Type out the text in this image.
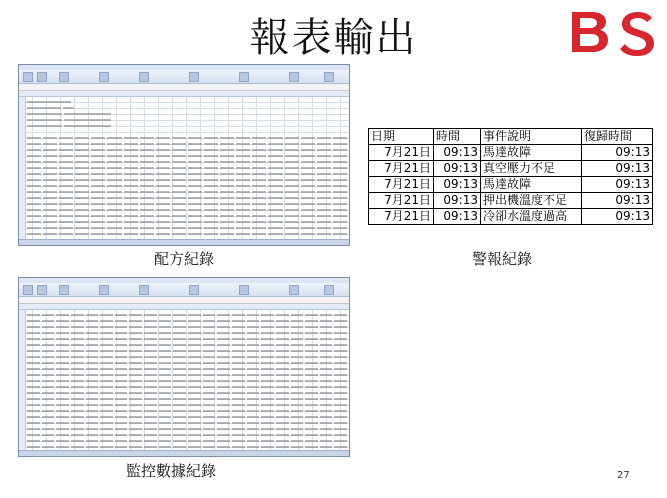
報表輸出
配方紀錄
日期	時間	事件說明	復歸時間
7月21日	09:13	馬達故障	09:13
7月21日	09:13	真空壓力不足	09:13
7月21日	09:13	馬達故障	09:13
7月21日	09:13	押出機溫度不足	09:13
7月21日	09:13	冷卻水溫度過高	09:13
警報紀錄
監控數據紀錄	27
